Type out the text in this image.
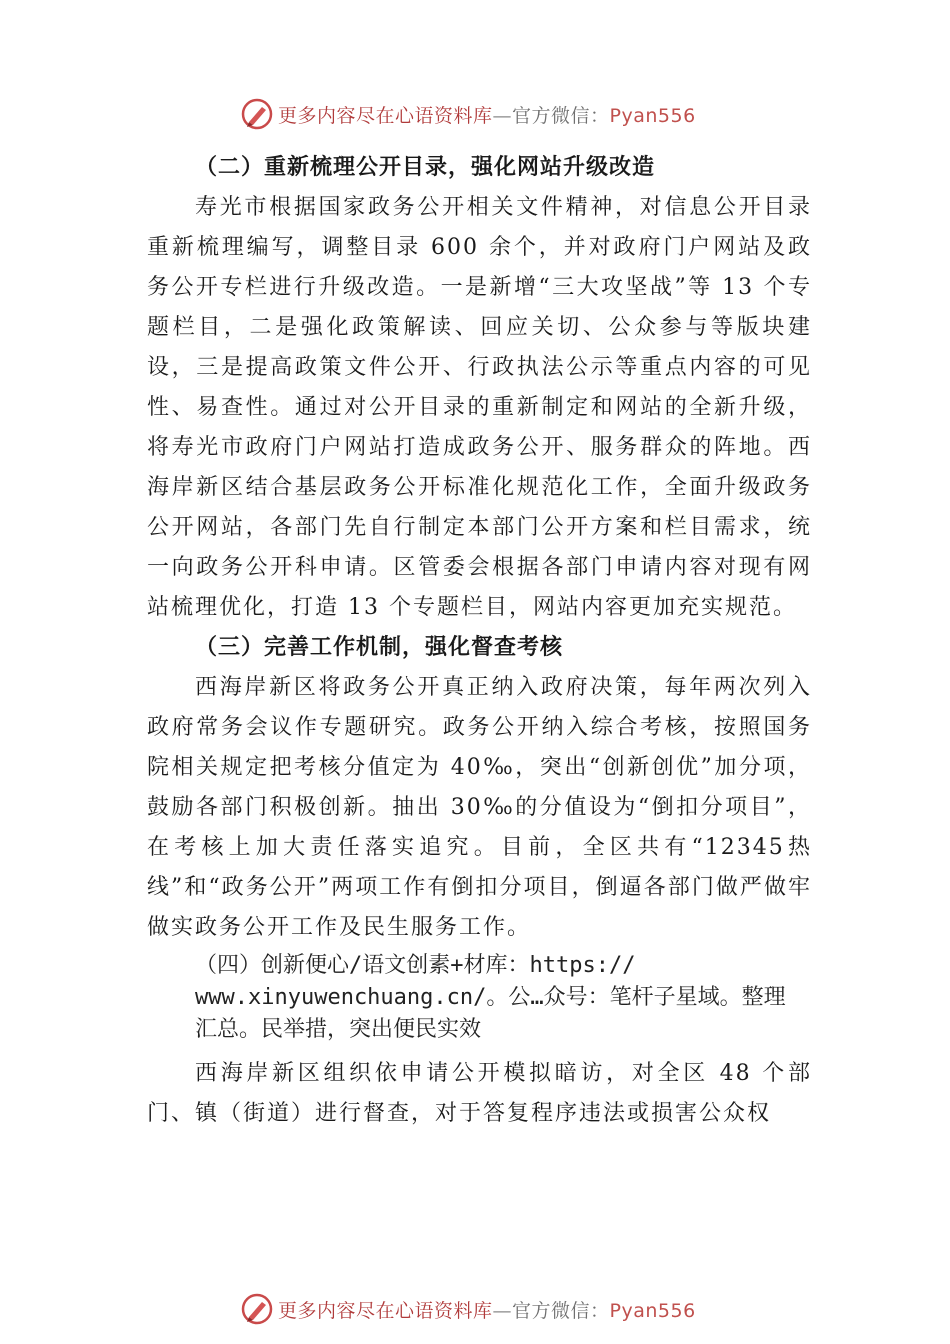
更多内容尽在心语资料库—官方微信：Pyan556

（二）重新梳理公开目录，强化网站升级改造

寿光市根据国家政务公开相关文件精神，对信息公开目录重新梳理编写，调整目录 600 余个，并对政府门户网站及政务公开专栏进行升级改造。一是新增“三大攻坚战”等 13 个专题栏目，二是强化政策解读、回应关切、公众参与等版块建设，三是提高政策文件公开、行政执法公示等重点内容的可见性、易查性。通过对公开目录的重新制定和网站的全新升级，将寿光市政府门户网站打造成政务公开、服务群众的阵地。西海岸新区结合基层政务公开标准化规范化工作，全面升级政务公开网站，各部门先自行制定本部门公开方案和栏目需求，统一向政务公开科申请。区管委会根据各部门申请内容对现有网站梳理优化，打造 13 个专题栏目，网站内容更加充实规范。

（三）完善工作机制，强化督查考核

西海岸新区将政务公开真正纳入政府决策，每年两次列入政府常务会议作专题研究。政务公开纳入综合考核，按照国务院相关规定把考核分值定为 40‰，突出“创新创优”加分项，鼓励各部门积极创新。抽出 30‰的分值设为“倒扣分项目”，在考核上加大责任落实追究。目前，全区共有“12345热线”和“政务公开”两项工作有倒扣分项目，倒逼各部门做严做牢做实政务公开工作及民生服务工作。

（四）创新便心/语文创素+材库：https://

www.xinyuwenchuang.cn/。公…众号：笔杆子星域。整理

汇总。民举措，突出便民实效

西海岸新区组织依申请公开模拟暗访，对全区 48 个部门、镇（街道）进行督查，对于答复程序违法或损害公众权

更多内容尽在心语资料库—官方微信：Pyan556
